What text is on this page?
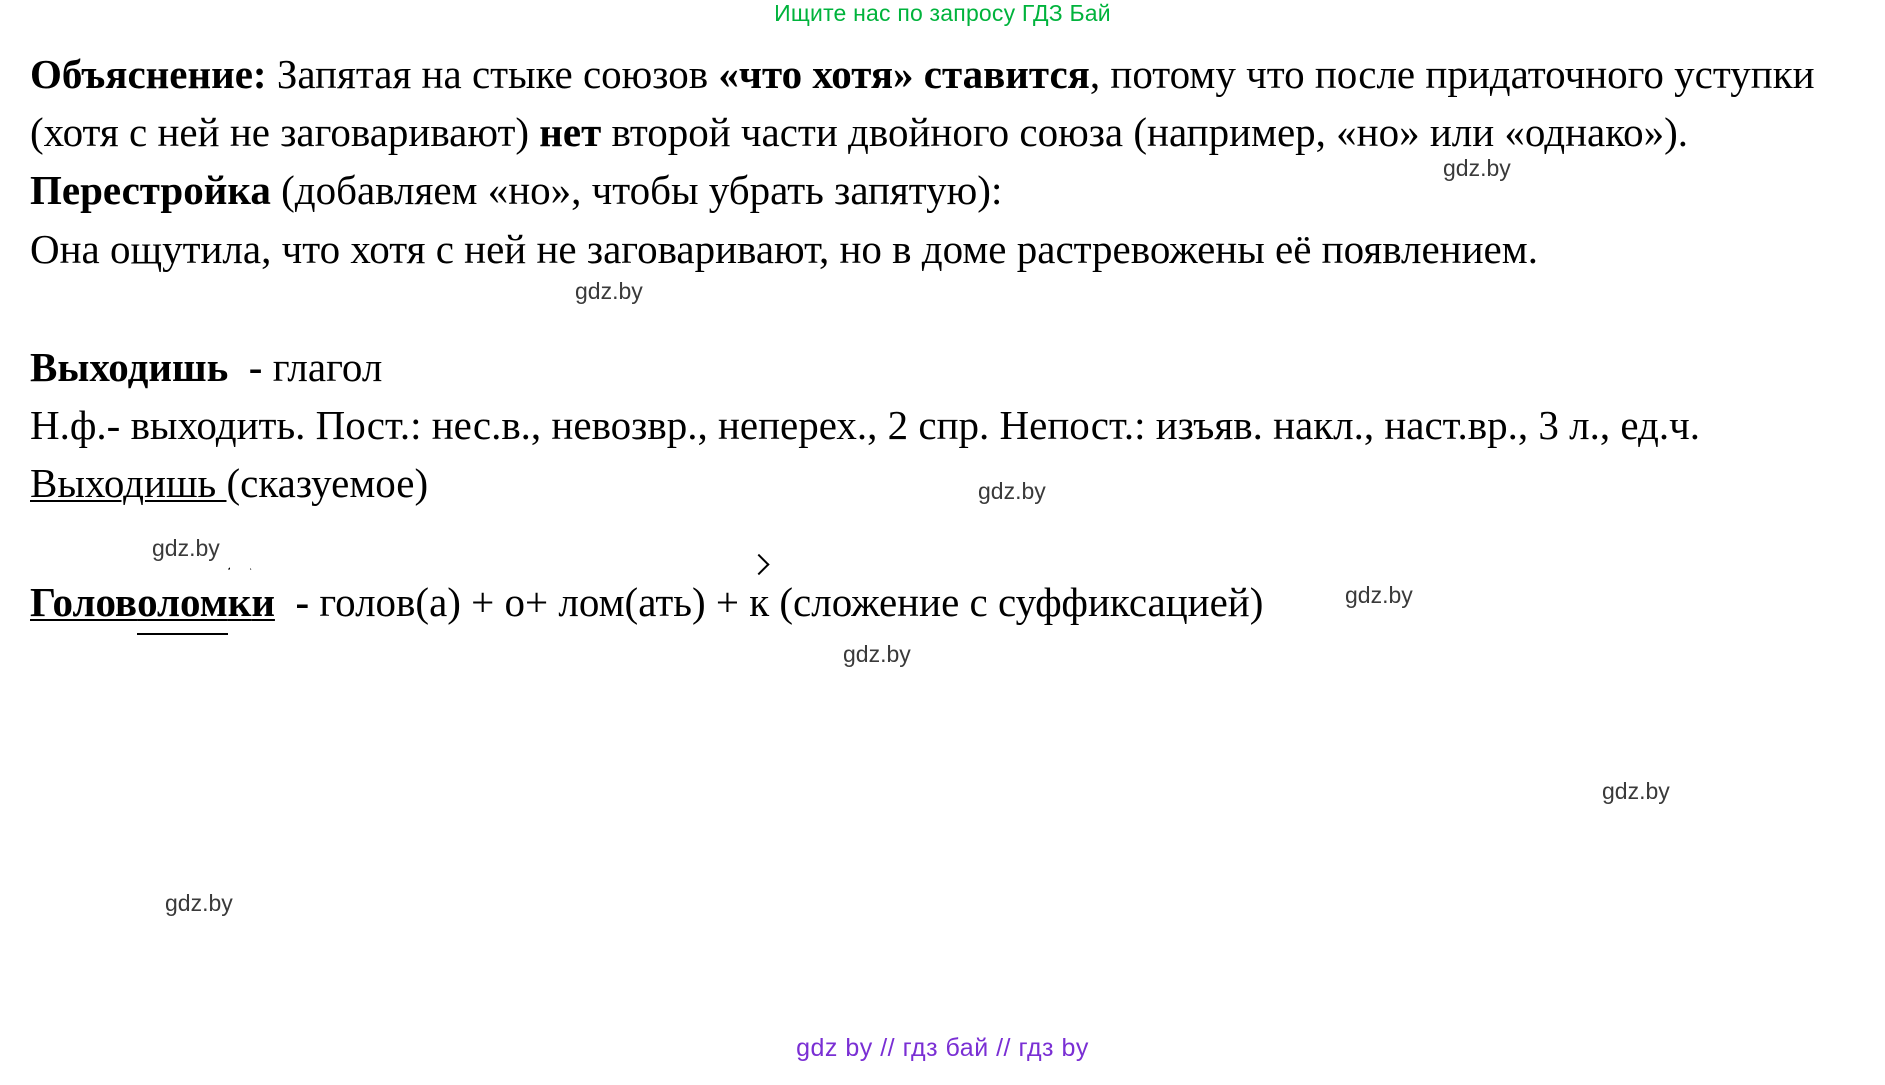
Ищите нас по запросу ГДЗ Бай

Объяснение: Запятая на стыке союзов «что хотя» ставится, потому что после придаточного уступки (хотя с ней не заговаривают) нет второй части двойного союза (например, «но» или «однако»).

Перестройка (добавляем «но», чтобы убрать запятую):

Она ощутила, что хотя с ней не заговаривают, но в доме растревожены её появлением.

Выходишь - глагол

Н.ф.- выходить. Пост.: нес.в., невозвр., неперех., 2 спр. Непост.: изъяв. накл., наст.вр., 3 л., ед.ч.

Выходишь (сказуемое)

Головоломки - голов(а) + о+ лом(ать) + к (сложение с суффиксацией)

gdz.by
gdz.by
gdz.by
gdz.by
gdz.by
gdz.by
gdz.by
gdz.by
gdz by // гдз бай // гдз by
